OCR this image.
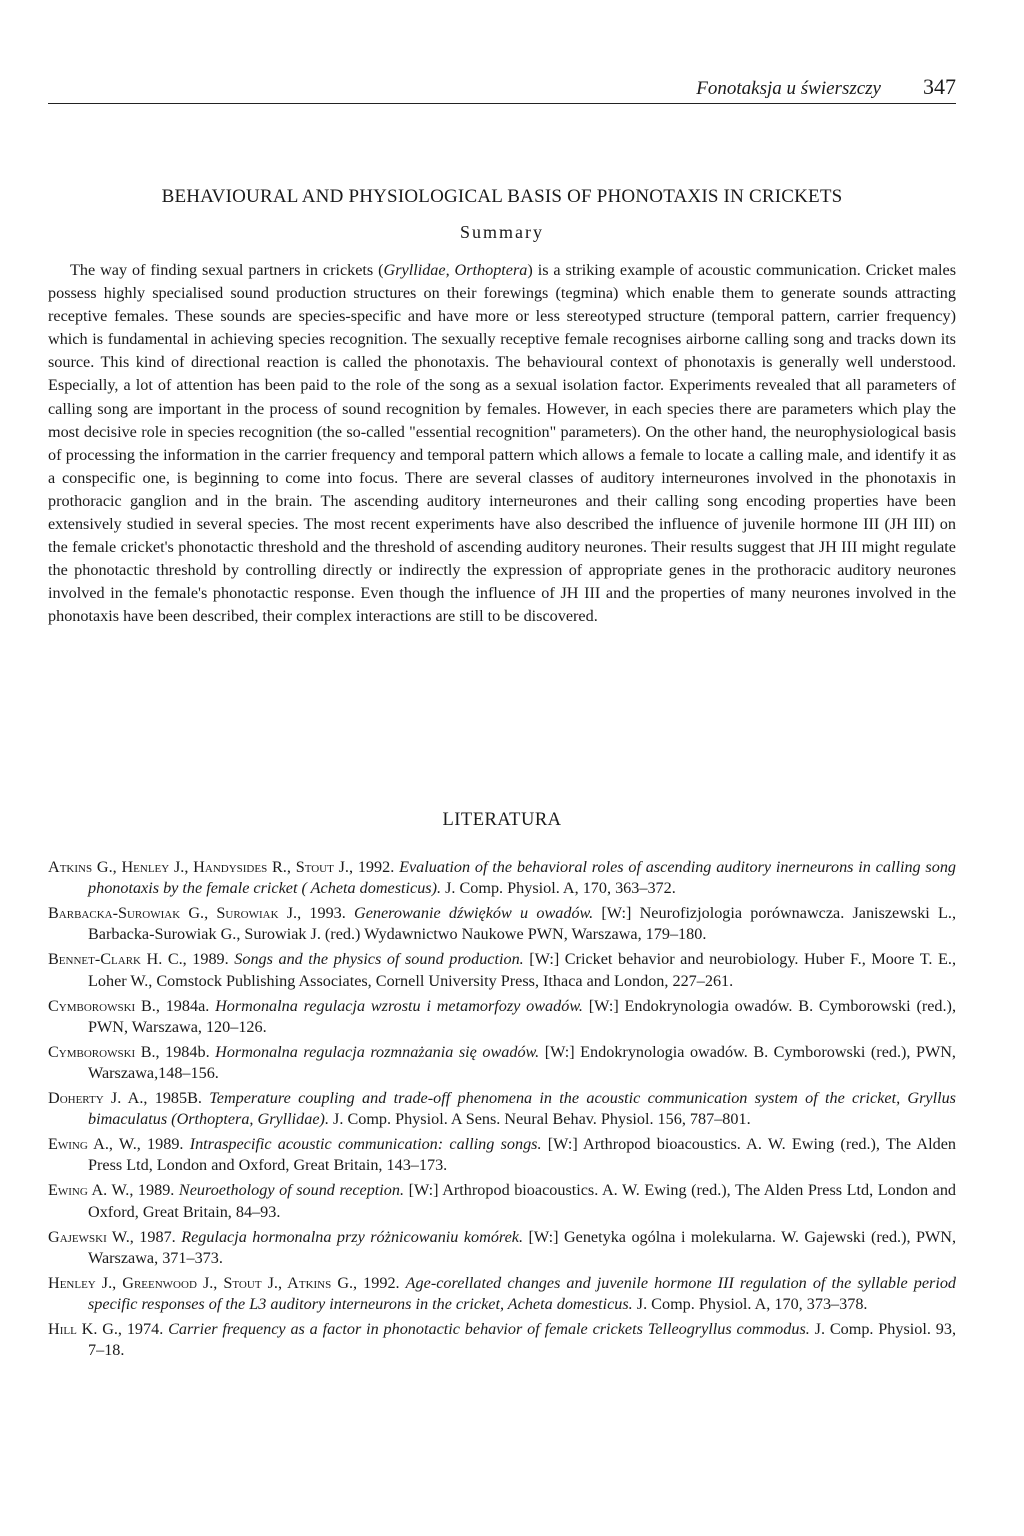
Fonotaksja u świerszczy 347
BEHAVIOURAL AND PHYSIOLOGICAL BASIS OF PHONOTAXIS IN CRICKETS
Summary

The way of finding sexual partners in crickets (Gryllidae, Orthoptera) is a striking example of acoustic communication. Cricket males possess highly specialised sound production structures on their forewings (tegmina) which enable them to generate sounds attracting receptive females. These sounds are species-specific and have more or less stereotyped structure (temporal pattern, carrier frequency) which is fundamental in achieving species recognition. The sexually receptive female recognises airborne calling song and tracks down its source. This kind of directional reaction is called the phonotaxis. The behavioural context of phonotaxis is generally well understood. Especially, a lot of attention has been paid to the role of the song as a sexual isolation factor. Experiments revealed that all parameters of calling song are important in the process of sound recognition by females. However, in each species there are parameters which play the most decisive role in species recognition (the so-called "essential recognition" parameters). On the other hand, the neurophysiological basis of processing the information in the carrier frequency and temporal pattern which allows a female to locate a calling male, and identify it as a conspecific one, is beginning to come into focus. There are several classes of auditory interneurones involved in the phonotaxis in prothoracic ganglion and in the brain. The ascending auditory interneurones and their calling song encoding properties have been extensively studied in several species. The most recent experiments have also described the influence of juvenile hormone III (JH III) on the female cricket's phonotactic threshold and the threshold of ascending auditory neurones. Their results suggest that JH III might regulate the phonotactic threshold by controlling directly or indirectly the expression of appropriate genes in the prothoracic auditory neurones involved in the female's phonotactic response. Even though the influence of JH III and the properties of many neurones involved in the phonotaxis have been described, their complex interactions are still to be discovered.

LITERATURA
Atkins G., Henley J., Handysides R., Stout J., 1992. Evaluation of the behavioral roles of ascending auditory inerneurons in calling song phonotaxis by the female cricket ( Acheta domesticus). J. Comp. Physiol. A, 170, 363–372.
Barbacka-Surowiak G., Surowiak J., 1993. Generowanie dźwięków u owadów. [W:] Neurofizjologia porównawcza. Janiszewski L., Barbacka-Surowiak G., Surowiak J. (red.) Wydawnictwo Naukowe PWN, Warszawa, 179–180.
Bennet-Clark H. C., 1989. Songs and the physics of sound production. [W:] Cricket behavior and neurobiology. Huber F., Moore T. E., Loher W., Comstock Publishing Associates, Cornell University Press, Ithaca and London, 227–261.
Cymborowski B., 1984a. Hormonalna regulacja wzrostu i metamorfozy owadów. [W:] Endokrynologia owadów. B. Cymborowski (red.), PWN, Warszawa, 120–126.
Cymborowski B., 1984b. Hormonalna regulacja rozmnażania się owadów. [W:] Endokrynologia owadów. B. Cymborowski (red.), PWN, Warszawa,148–156.
Doherty J. A., 1985B. Temperature coupling and trade-off phenomena in the acoustic communication system of the cricket, Gryllus bimaculatus (Orthoptera, Gryllidae). J. Comp. Physiol. A Sens. Neural Behav. Physiol. 156, 787–801.
Ewing A., W., 1989. Intraspecific acoustic communication: calling songs. [W:] Arthropod bioacoustics. A. W. Ewing (red.), The Alden Press Ltd, London and Oxford, Great Britain, 143–173.
Ewing A. W., 1989. Neuroethology of sound reception. [W:] Arthropod bioacoustics. A. W. Ewing (red.), The Alden Press Ltd, London and Oxford, Great Britain, 84–93.
Gajewski W., 1987. Regulacja hormonalna przy różnicowaniu komórek. [W:] Genetyka ogólna i molekularna. W. Gajewski (red.), PWN, Warszawa, 371–373.
Henley J., Greenwood J., Stout J., Atkins G., 1992. Age-corellated changes and juvenile hormone III regulation of the syllable period specific responses of the L3 auditory interneurons in the cricket, Acheta domesticus. J. Comp. Physiol. A, 170, 373–378.
Hill K. G., 1974. Carrier frequency as a factor in phonotactic behavior of female crickets Telleogryllus commodus. J. Comp. Physiol. 93, 7–18.
